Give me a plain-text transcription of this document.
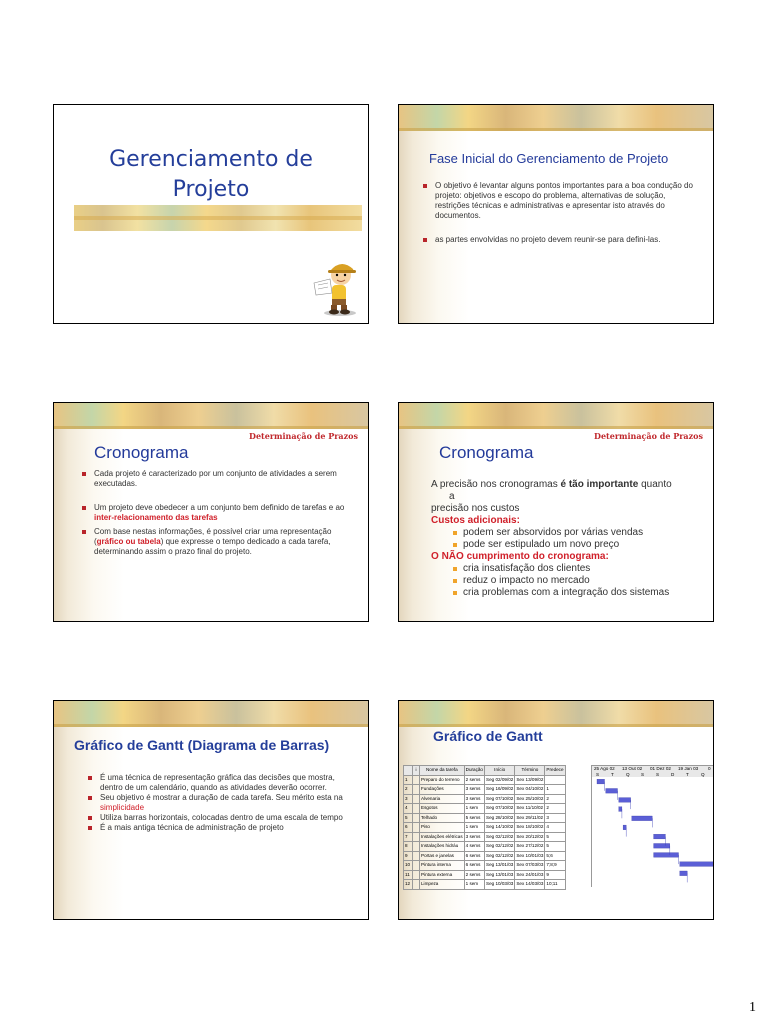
Gerenciamento de
Projeto
Fase Inicial do Gerenciamento de Projeto
O objetivo é levantar alguns pontos importantes para a boa condução do projeto: objetivos e escopo do problema, alternativas de solução, restrições técnicas e administrativas e apresentar isto através do documentos.
as partes envolvidas no projeto devem reunir-se para defini-las.
Determinação de Prazos
Cronograma
Cada projeto é caracterizado por um conjunto de atividades a serem executadas.
Um projeto deve obedecer a um conjunto bem definido de tarefas e ao inter-relacionamento das tarefas
Com base nestas informações, é possível criar uma representação (gráfico ou tabela) que expresse o tempo dedicado a cada tarefa, determinando assim o prazo final do projeto.
Determinação de Prazos
Cronograma
A precisão nos cronogramas é tão importante quanto
a
precisão nos custos
Custos adicionais:
podem ser absorvidos por várias vendas
pode ser estipulado um novo preço
O NÃO cumprimento do cronograma:
cria insatisfação dos clientes
reduz o impacto no mercado
cria problemas com a integração dos sistemas
Gráfico de Gantt (Diagrama de Barras)
É uma técnica de representação gráfica das decisões que mostra, dentro de um calendário, quando as atividades deverão ocorrer.
Seu objetivo é mostrar a duração de cada tarefa. Seu mérito esta na simplicidade
Utiliza barras horizontais, colocadas dentro de uma escala de tempo
É a mais antiga técnica de administração de projeto
Gráfico de Gantt
	i	Nome da tarefa	Duração	Início	Término	Predece
1		Preparo do terreno	2 sems	Seg 02/09/02	Sex 13/09/02	
2		Fundações	3 sems	Seg 16/09/02	Sex 04/10/02	1
3		Alvenaria	3 sems	Seg 07/10/02	Sex 25/10/02	2
4		Esgotos	1 sem	Seg 07/10/02	Sex 11/10/02	2
5		Telhado	5 sems	Seg 28/10/02	Sex 29/11/02	3
6		Piso	1 sem	Seg 14/10/02	Sex 18/10/02	4
7		Instalações elétricas	3 sems	Seg 02/12/02	Sex 20/12/02	5
8		Instalações hidráu	4 sems	Seg 02/12/02	Sex 27/12/02	5
9		Portas e janelas	6 sems	Seg 02/12/02	Sex 10/01/03	5;6
10		Pintura interna	6 sems	Seg 13/01/03	Sex 07/03/03	7;8;9
11		Pintura externa	2 sems	Seg 13/01/03	Sex 24/01/03	9
12		Limpeza	1 sem	Seg 10/03/03	Sex 14/03/03	10;11
25 Ago 02 13 Out 02 01 Dez 02 19 Jan 03 0
S	T	Q S	S	D	T	Q
1
